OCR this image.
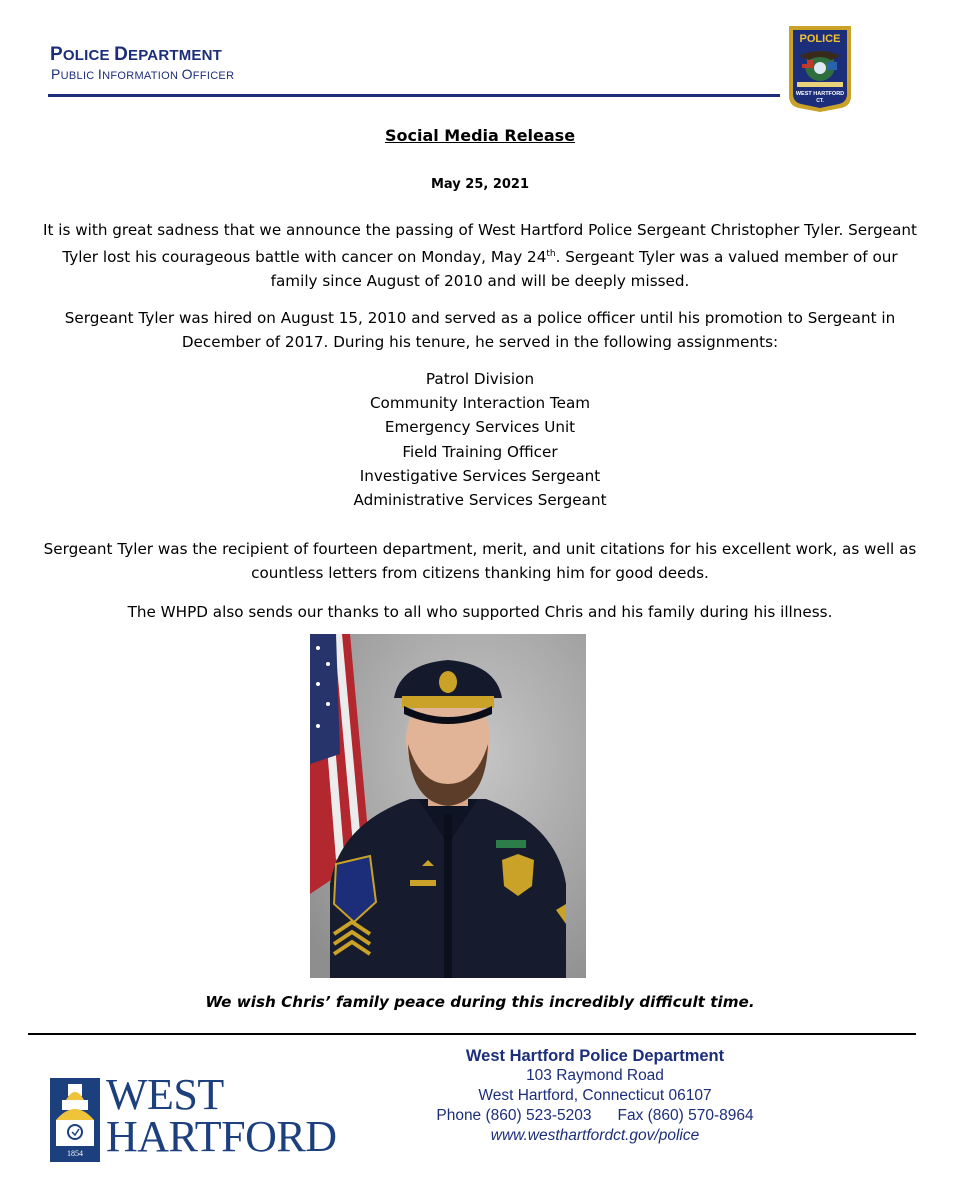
POLICE DEPARTMENT
PUBLIC INFORMATION OFFICER
POLICE
WEST HARTFORD
CT.
Social Media Release
May 25, 2021
It is with great sadness that we announce the passing of West Hartford Police Sergeant Christopher Tyler. Sergeant Tyler lost his courageous battle with cancer on Monday, May 24th. Sergeant Tyler was a valued member of our family since August of 2010 and will be deeply missed.
Sergeant Tyler was hired on August 15, 2010 and served as a police officer until his promotion to Sergeant in December of 2017. During his tenure, he served in the following assignments:
Patrol Division
Community Interaction Team
Emergency Services Unit
Field Training Officer
Investigative Services Sergeant
Administrative Services Sergeant
Sergeant Tyler was the recipient of fourteen department, merit, and unit citations for his excellent work, as well as countless letters from citizens thanking him for good deeds.
The WHPD also sends our thanks to all who supported Chris and his family during his illness.
We wish Chris’ family peace during this incredibly difficult time.
1854
WEST
HARTFORD
West Hartford Police Department
103 Raymond Road
West Hartford, Connecticut 06107
Phone (860) 523-5203 Fax (860) 570-8964
www.westhartfordct.gov/police
